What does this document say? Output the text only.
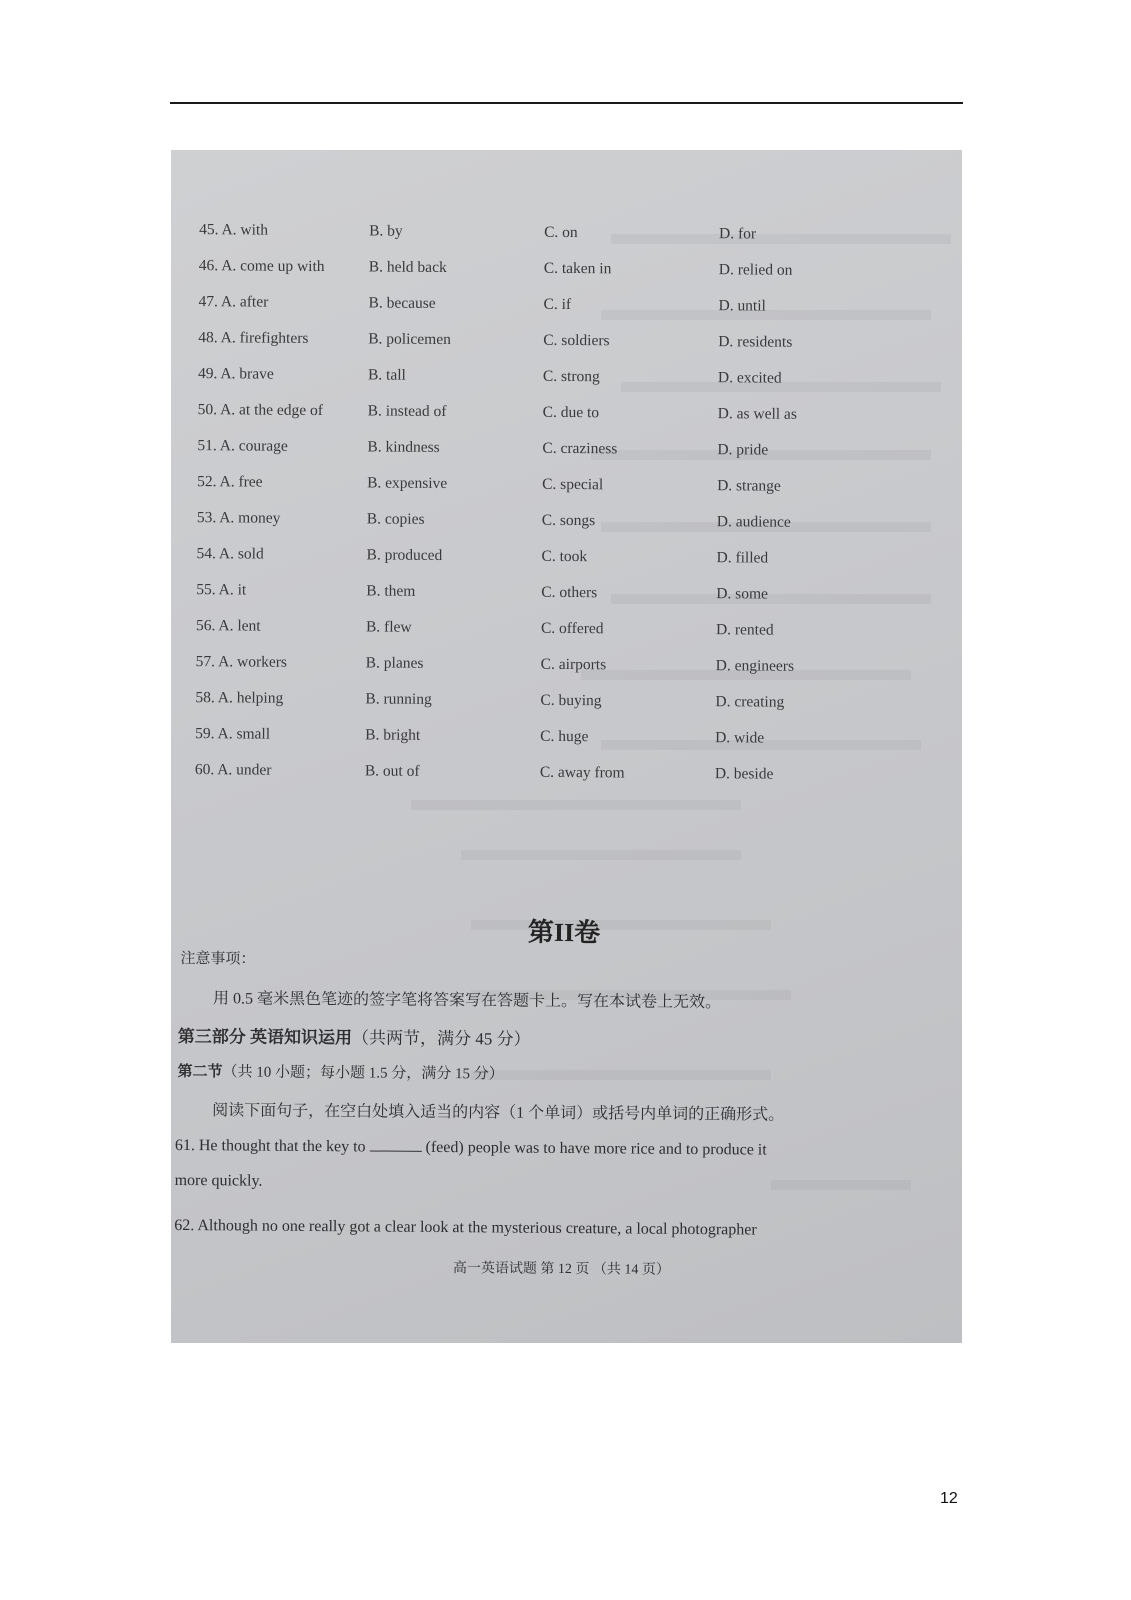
45. A. with	B. by	C. on	D. for
46. A. come up with	B. held back	C. taken in	D. relied on
47. A. after	B. because	C. if	D. until
48. A. firefighters	B. policemen	C. soldiers	D. residents
49. A. brave	B. tall	C. strong	D. excited
50. A. at the edge of	B. instead of	C. due to	D. as well as
51. A. courage	B. kindness	C. craziness	D. pride
52. A. free	B. expensive	C. special	D. strange
53. A. money	B. copies	C. songs	D. audience
54. A. sold	B. produced	C. took	D. filled
55. A. it	B. them	C. others	D. some
56. A. lent	B. flew	C. offered	D. rented
57. A. workers	B. planes	C. airports	D. engineers
58. A. helping	B. running	C. buying	D. creating
59. A. small	B. bright	C. huge	D. wide
60. A. under	B. out of	C. away from	D. beside
第II卷
注意事项：
用 0.5 毫米黑色笔迹的签字笔将答案写在答题卡上。写在本试卷上无效。
第三部分 英语知识运用（共两节，满分 45 分）
第二节（共 10 小题；每小题 1.5 分，满分 15 分）
阅读下面句子，在空白处填入适当的内容（1 个单词）或括号内单词的正确形式。
61. He thought that the key to	(feed) people was to have more rice and to produce it
more quickly.
62. Although no one really got a clear look at the mysterious creature, a local photographer
高一英语试题 第 12 页 （共 14 页）
12
